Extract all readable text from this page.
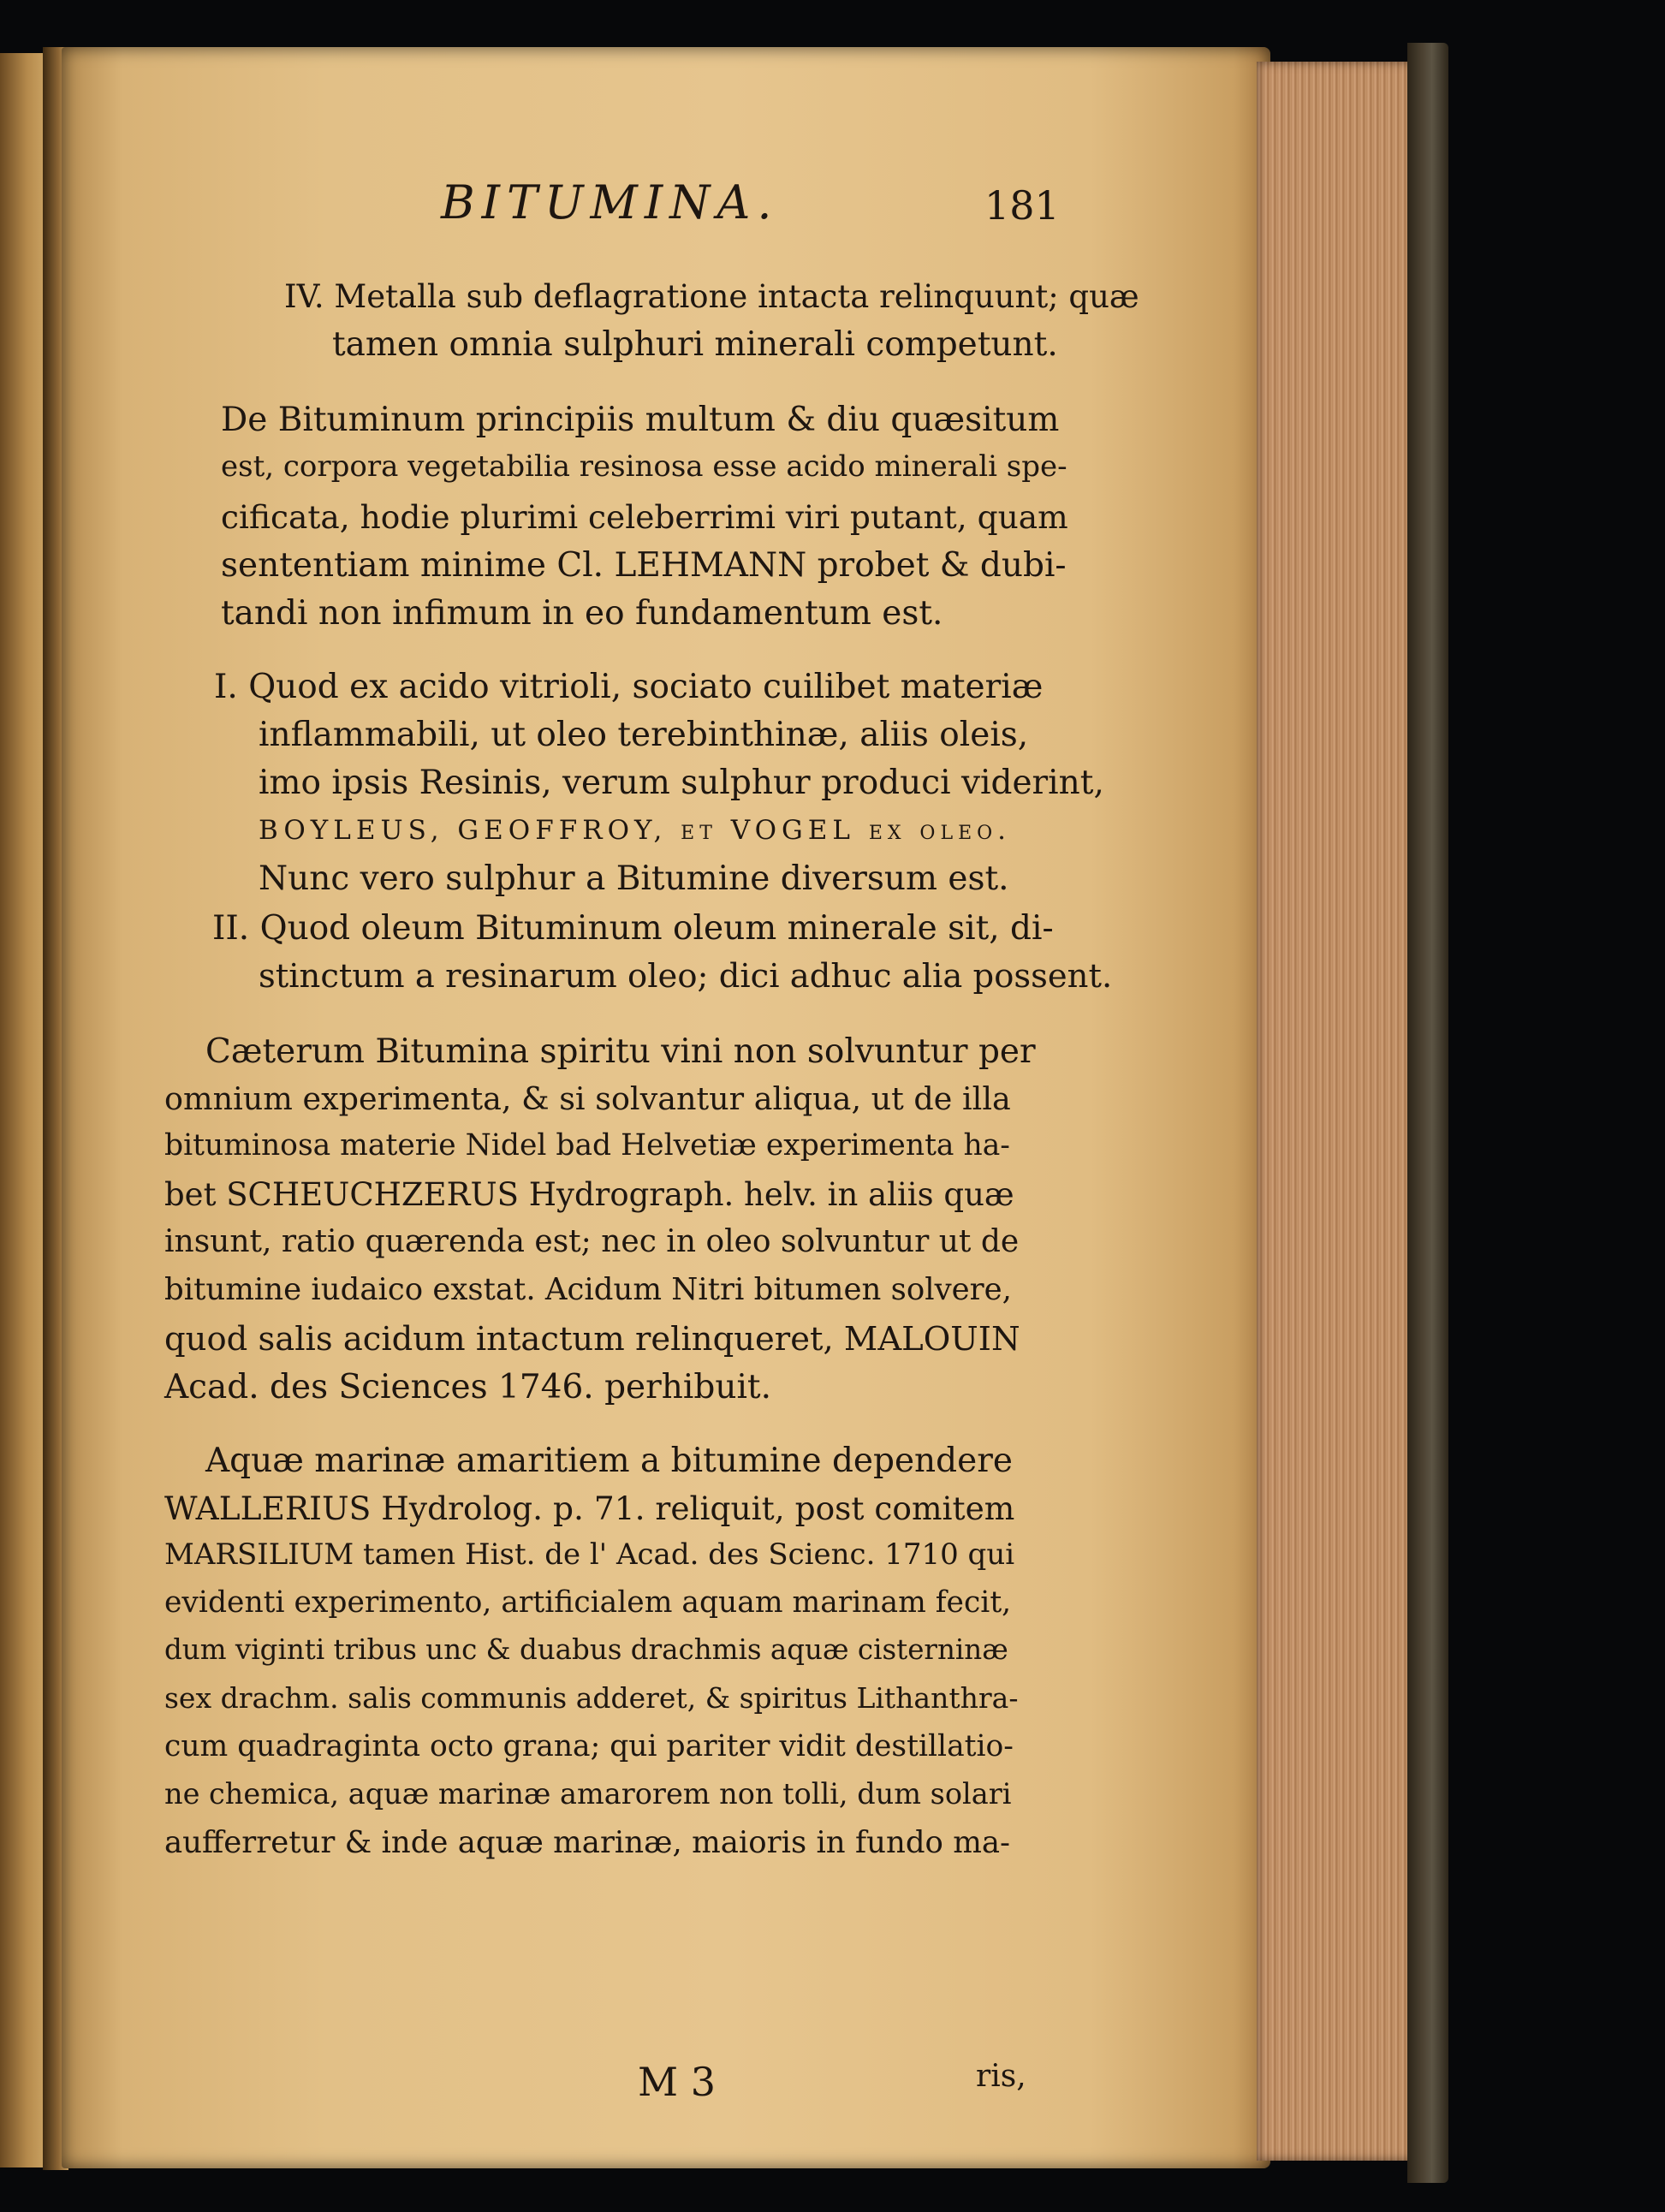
BITUMINA.	181
IV. Metalla sub deflagratione intacta relinquunt; quæ
tamen omnia sulphuri minerali competunt.
De Bituminum principiis multum & diu quæsitum
est, corpora vegetabilia resinosa esse acido minerali spe-
cificata, hodie plurimi celeberrimi viri putant, quam
sententiam minime Cl. LEHMANN probet & dubi-
tandi non infimum in eo fundamentum est.
I. Quod ex acido vitrioli, sociato cuilibet materiæ
inflammabili, ut oleo terebinthinæ, aliis oleis,
imo ipsis Resinis, verum sulphur produci viderint,
BOYLEUS, GEOFFROY, et VOGEL ex oleo.
Nunc vero sulphur a Bitumine diversum est.
II. Quod oleum Bituminum oleum minerale sit, di-
stinctum a resinarum oleo; dici adhuc alia possent.
Cæterum Bitumina spiritu vini non solvuntur per
omnium experimenta, & si solvantur aliqua, ut de illa
bituminosa materie Nidel bad Helvetiæ experimenta ha-
bet SCHEUCHZERUS Hydrograph. helv. in aliis quæ
insunt, ratio quærenda est; nec in oleo solvuntur ut de
bitumine iudaico exstat. Acidum Nitri bitumen solvere,
quod salis acidum intactum relinqueret, MALOUIN
Acad. des Sciences 1746. perhibuit.
Aquæ marinæ amaritiem a bitumine dependere
WALLERIUS Hydrolog. p. 71. reliquit, post comitem
MARSILIUM tamen Hist. de l' Acad. des Scienc. 1710 qui
evidenti experimento, artificialem aquam marinam fecit,
dum viginti tribus unc & duabus drachmis aquæ cisterninæ
sex drachm. salis communis adderet, & spiritus Lithanthra-
cum quadraginta octo grana; qui pariter vidit destillatio-
ne chemica, aquæ marinæ amarorem non tolli, dum solari
aufferretur & inde aquæ marinæ, maioris in fundo ma-
M 3	ris,
